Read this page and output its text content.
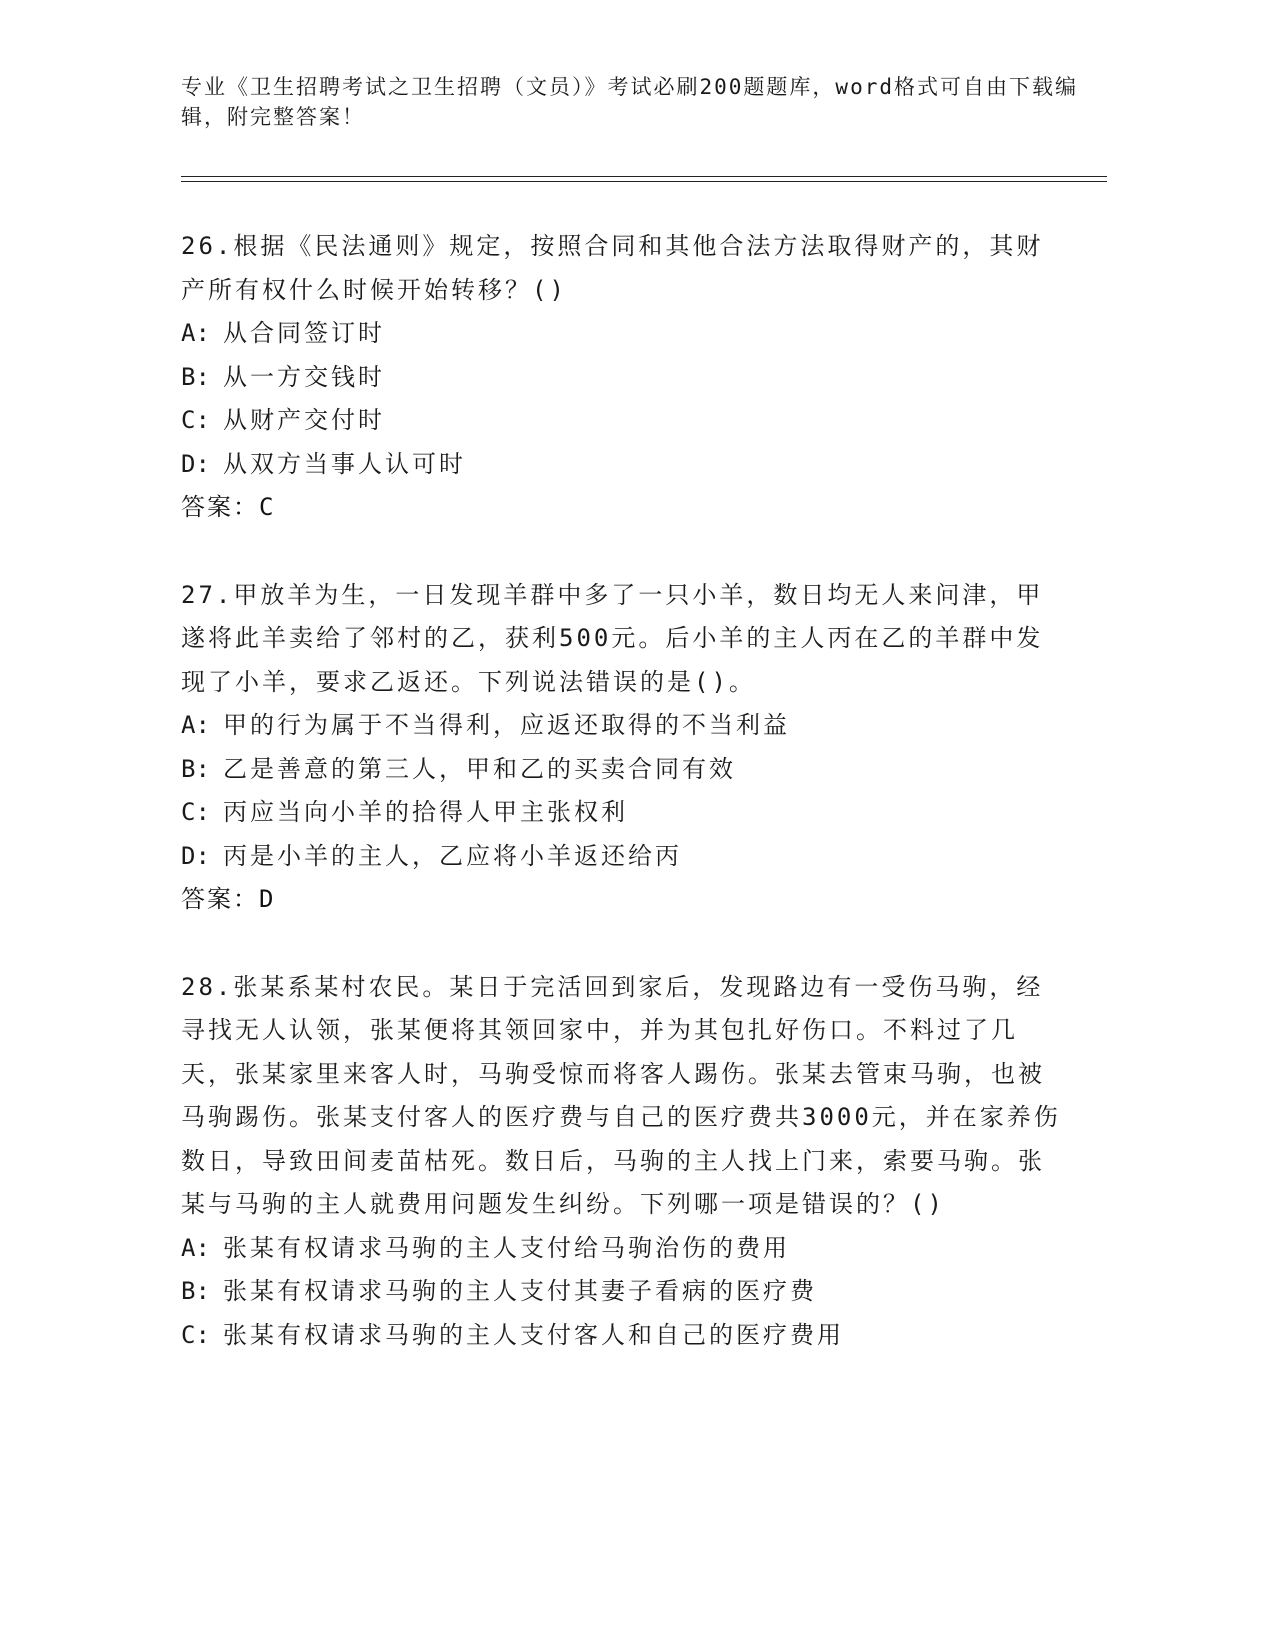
专业《卫生招聘考试之卫生招聘（文员）》考试必刷200题题库，word格式可自由下载编辑，附完整答案！

26.根据《民法通则》规定，按照合同和其他合法方法取得财产的，其财产所有权什么时候开始转移？()

A: 从合同签订时

B: 从一方交钱时

C: 从财产交付时

D: 从双方当事人认可时

答案：C

27.甲放羊为生，一日发现羊群中多了一只小羊，数日均无人来问津，甲遂将此羊卖给了邻村的乙，获利500元。后小羊的主人丙在乙的羊群中发现了小羊，要求乙返还。下列说法错误的是()。

A: 甲的行为属于不当得利，应返还取得的不当利益

B: 乙是善意的第三人，甲和乙的买卖合同有效

C: 丙应当向小羊的拾得人甲主张权利

D: 丙是小羊的主人，乙应将小羊返还给丙

答案：D

28.张某系某村农民。某日于完活回到家后，发现路边有一受伤马驹，经寻找无人认领，张某便将其领回家中，并为其包扎好伤口。不料过了几天，张某家里来客人时，马驹受惊而将客人踢伤。张某去管束马驹，也被马驹踢伤。张某支付客人的医疗费与自己的医疗费共3000元，并在家养伤数日，导致田间麦苗枯死。数日后，马驹的主人找上门来，索要马驹。张某与马驹的主人就费用问题发生纠纷。下列哪一项是错误的？()

A: 张某有权请求马驹的主人支付给马驹治伤的费用

B: 张某有权请求马驹的主人支付其妻子看病的医疗费

C: 张某有权请求马驹的主人支付客人和自己的医疗费用
